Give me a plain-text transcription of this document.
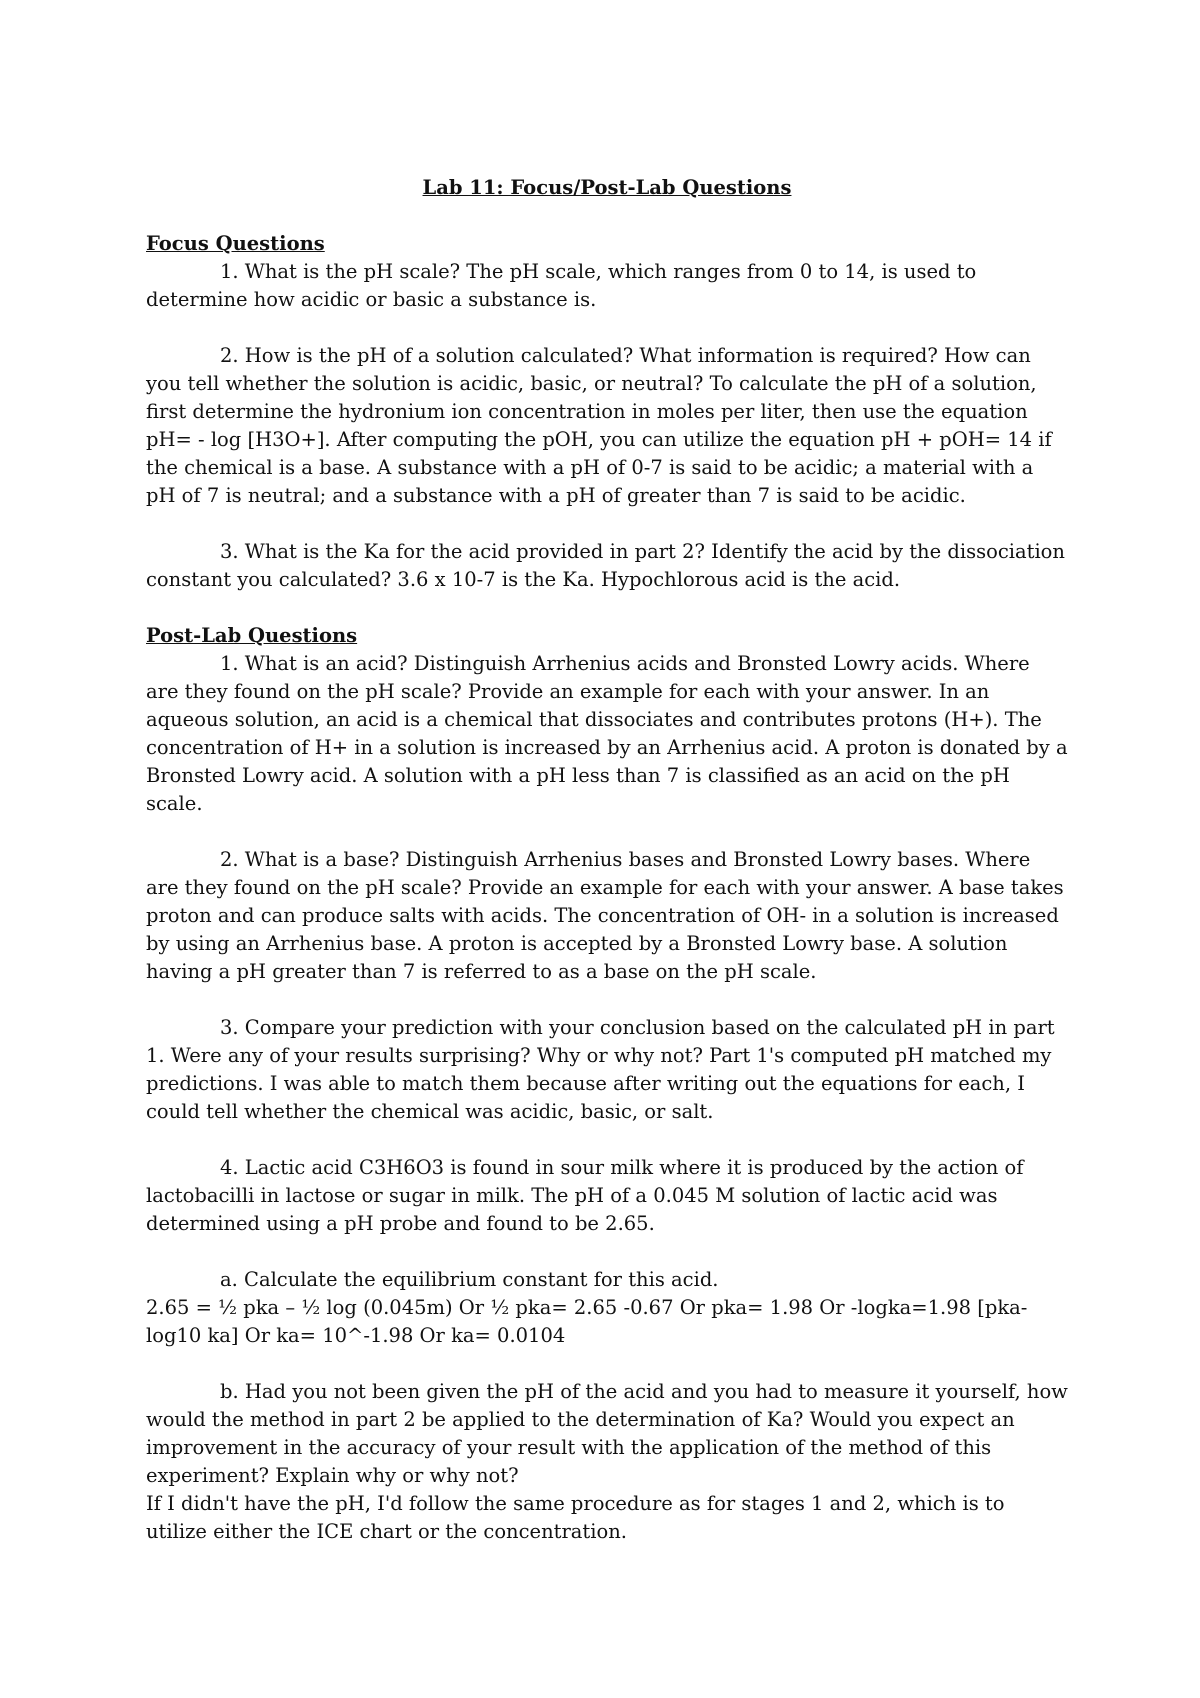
Lab 11: Focus/Post-Lab Questions

Focus Questions

1. What is the pH scale? The pH scale, which ranges from 0 to 14, is used to determine how acidic or basic a substance is.

2. How is the pH of a solution calculated? What information is required? How can you tell whether the solution is acidic, basic, or neutral? To calculate the pH of a solution, first determine the hydronium ion concentration in moles per liter, then use the equation pH= - log [H3O+]. After computing the pOH, you can utilize the equation pH + pOH= 14 if the chemical is a base. A substance with a pH of 0-7 is said to be acidic; a material with a pH of 7 is neutral; and a substance with a pH of greater than 7 is said to be acidic.

3. What is the Ka for the acid provided in part 2? Identify the acid by the dissociation constant you calculated? 3.6 x 10-7 is the Ka. Hypochlorous acid is the acid.

Post-Lab Questions

1. What is an acid? Distinguish Arrhenius acids and Bronsted Lowry acids. Where are they found on the pH scale? Provide an example for each with your answer. In an aqueous solution, an acid is a chemical that dissociates and contributes protons (H+). The concentration of H+ in a solution is increased by an Arrhenius acid. A proton is donated by a Bronsted Lowry acid. A solution with a pH less than 7 is classified as an acid on the pH scale.

2. What is a base? Distinguish Arrhenius bases and Bronsted Lowry bases. Where are they found on the pH scale? Provide an example for each with your answer. A base takes proton and can produce salts with acids. The concentration of OH- in a solution is increased by using an Arrhenius base. A proton is accepted by a Bronsted Lowry base. A solution having a pH greater than 7 is referred to as a base on the pH scale.

3. Compare your prediction with your conclusion based on the calculated pH in part 1. Were any of your results surprising? Why or why not? Part 1's computed pH matched my predictions. I was able to match them because after writing out the equations for each, I could tell whether the chemical was acidic, basic, or salt.

4. Lactic acid C3H6O3 is found in sour milk where it is produced by the action of lactobacilli in lactose or sugar in milk. The pH of a 0.045 M solution of lactic acid was determined using a pH probe and found to be 2.65.

a. Calculate the equilibrium constant for this acid.

2.65 = ½ pka – ½ log (0.045m) Or ½ pka= 2.65 -0.67 Or pka= 1.98 Or -logka=1.98 [pka-log10 ka] Or ka= 10^-1.98 Or ka= 0.0104

b. Had you not been given the pH of the acid and you had to measure it yourself, how would the method in part 2 be applied to the determination of Ka? Would you expect an improvement in the accuracy of your result with the application of the method of this experiment? Explain why or why not?

If I didn't have the pH, I'd follow the same procedure as for stages 1 and 2, which is to utilize either the ICE chart or the concentration.
